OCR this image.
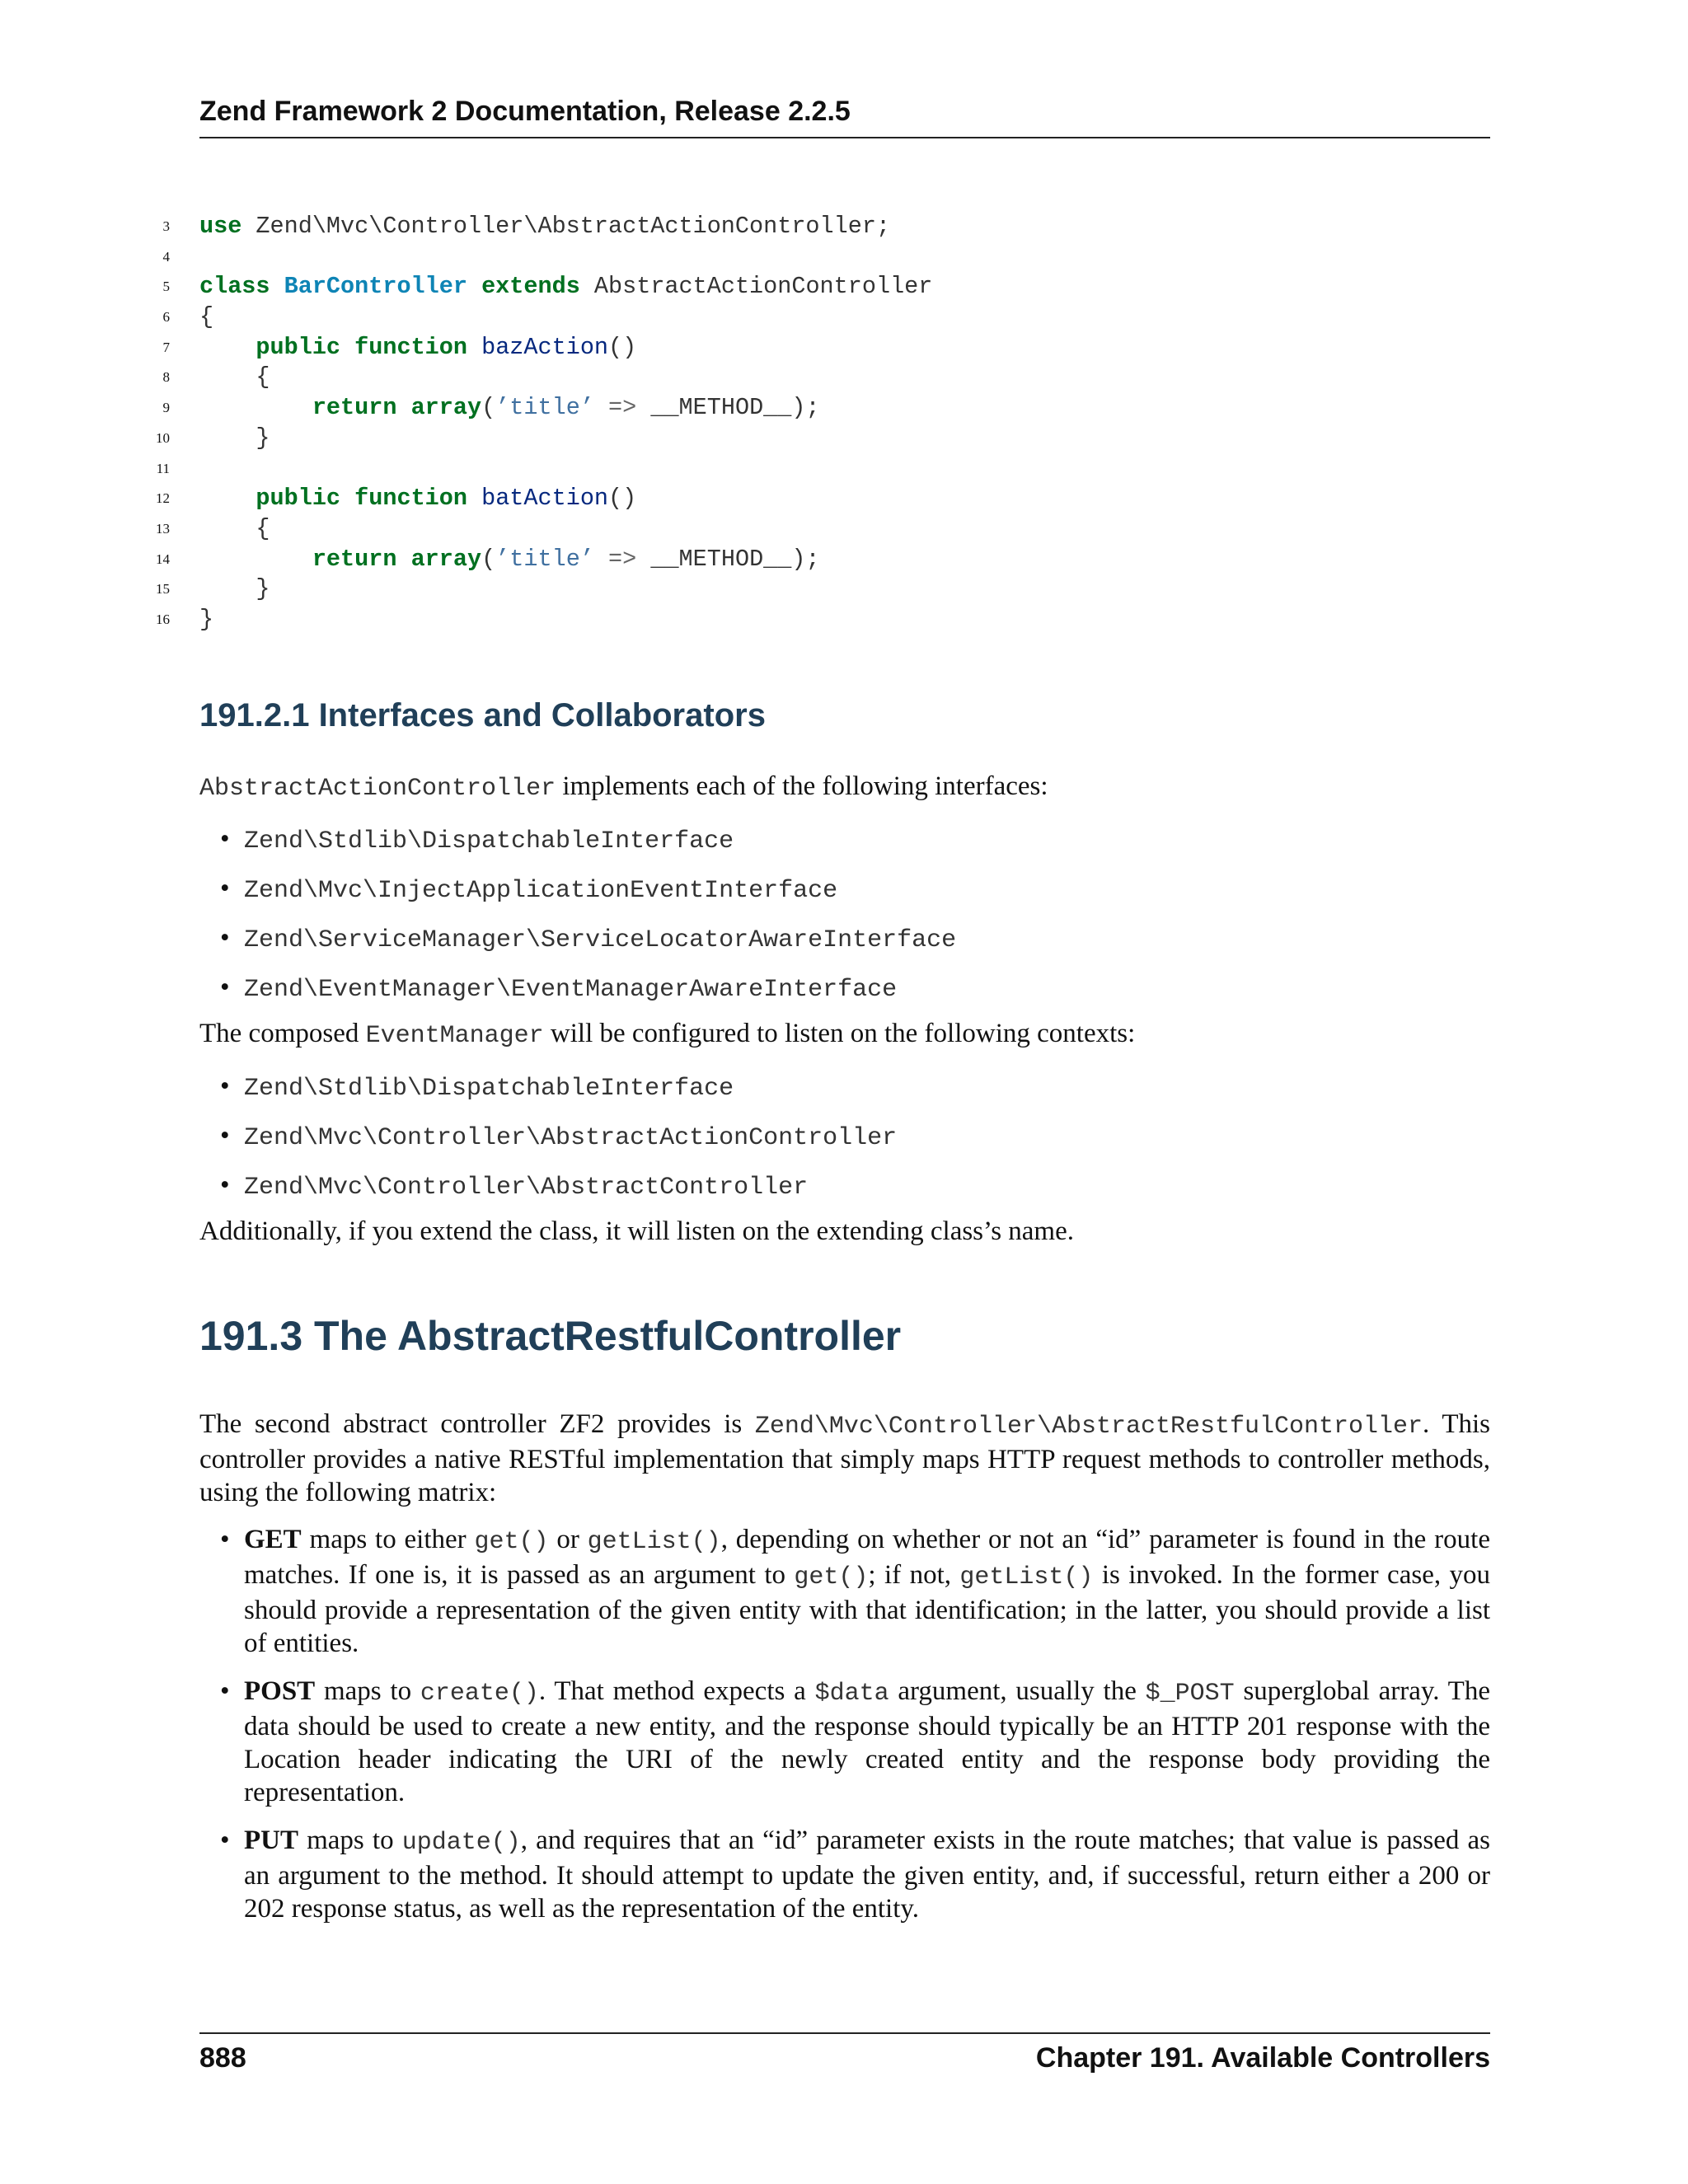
Zend Framework 2 Documentation, Release 2.2.5
3 use Zend\Mvc\Controller\AbstractActionController;
4
5 class BarController extends AbstractActionController
6 {
7	public function bazAction()
8 {
9	return array(’title’ => __METHOD__);
10 }
11
12	public function batAction()
13 {
14	return array(’title’ => __METHOD__);
15 }
16 }
191.2.1 Interfaces and Collaborators
AbstractActionController implements each of the following interfaces:
• Zend\Stdlib\DispatchableInterface
• Zend\Mvc\InjectApplicationEventInterface
• Zend\ServiceManager\ServiceLocatorAwareInterface
• Zend\EventManager\EventManagerAwareInterface
The composed EventManager will be configured to listen on the following contexts:
• Zend\Stdlib\DispatchableInterface
• Zend\Mvc\Controller\AbstractActionController
• Zend\Mvc\Controller\AbstractController
Additionally, if you extend the class, it will listen on the extending class’s name.
191.3 The AbstractRestfulController
The second abstract controller ZF2 provides is Zend\Mvc\Controller\AbstractRestfulController. This controller provides a native RESTful implementation that simply maps HTTP request methods to controller methods, using the following matrix:
• GET maps to either get() or getList(), depending on whether or not an “id” parameter is found in the route matches. If one is, it is passed as an argument to get(); if not, getList() is invoked. In the former case, you should provide a representation of the given entity with that identification; in the latter, you should provide a list of entities.
• POST maps to create(). That method expects a $data argument, usually the $_POST superglobal array. The data should be used to create a new entity, and the response should typically be an HTTP 201 response with the Location header indicating the URI of the newly created entity and the response body providing the representation.
• PUT maps to update(), and requires that an “id” parameter exists in the route matches; that value is passed as an argument to the method. It should attempt to update the given entity, and, if successful, return either a 200 or 202 response status, as well as the representation of the entity.
888	Chapter 191. Available Controllers
